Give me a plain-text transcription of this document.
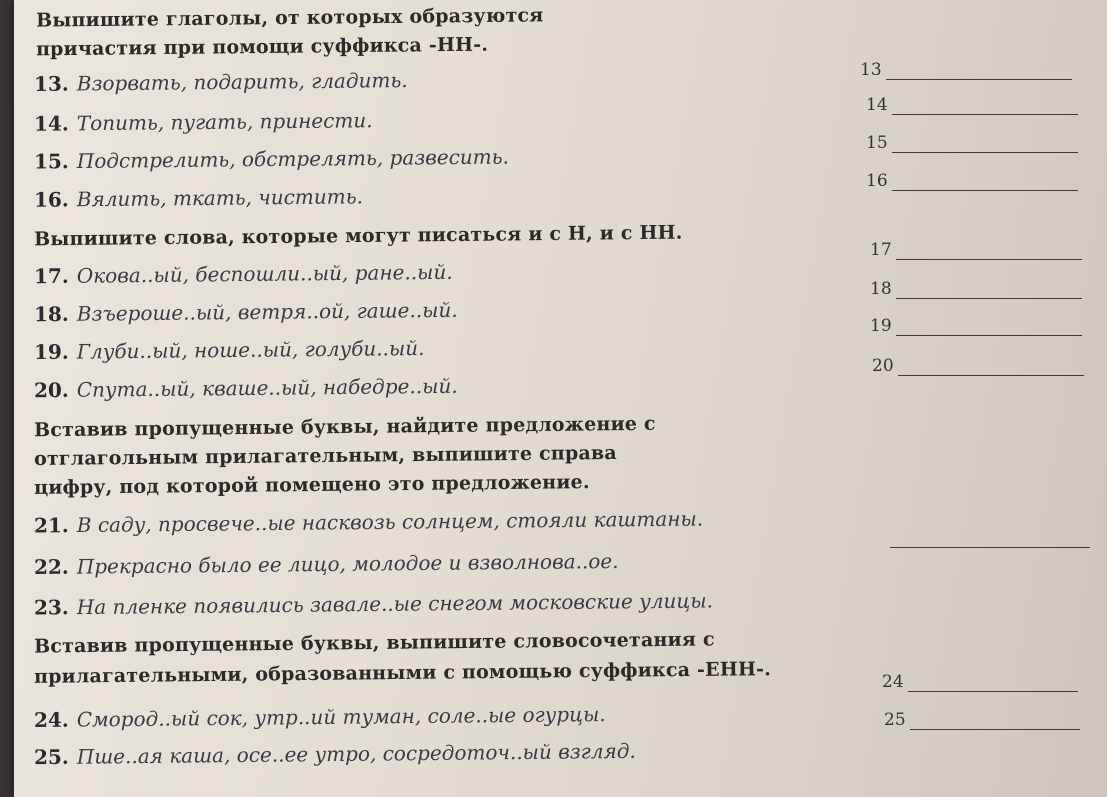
Выпишите глаголы, от которых образуются
причастия при помощи суффикса -НН-.
13. Взорвать, подарить, гладить.
14. Топить, пугать, принести.
15. Подстрелить, обстрелять, развесить.
16. Вялить, ткать, чистить.
Выпишите слова, которые могут писаться и с Н, и с НН.
17. Окова..ый, беспошли..ый, ране..ый.
18. Взъероше..ый, ветря..ой, гаше..ый.
19. Глуби..ый, ноше..ый, голуби..ый.
20. Спута..ый, кваше..ый, набедре..ый.
Вставив пропущенные буквы, найдите предложение с
отглагольным прилагательным, выпишите справа
цифру, под которой помещено это предложение.
21. В саду, просвече..ые насквозь солнцем, стояли каштаны.
22. Прекрасно было ее лицо, молодое и взволнова..ое.
23. На пленке появились завале..ые снегом московские улицы.
Вставив пропущенные буквы, выпишите словосочетания с
прилагательными, образованными с помощью суффикса -ЕНН-.
24. Смород..ый сок, утр..ий туман, соле..ые огурцы.
25. Пше..ая каша, осе..ее утро, сосредоточ..ый взгляд.
13
14
15
16
17
18
19
20
24
25
